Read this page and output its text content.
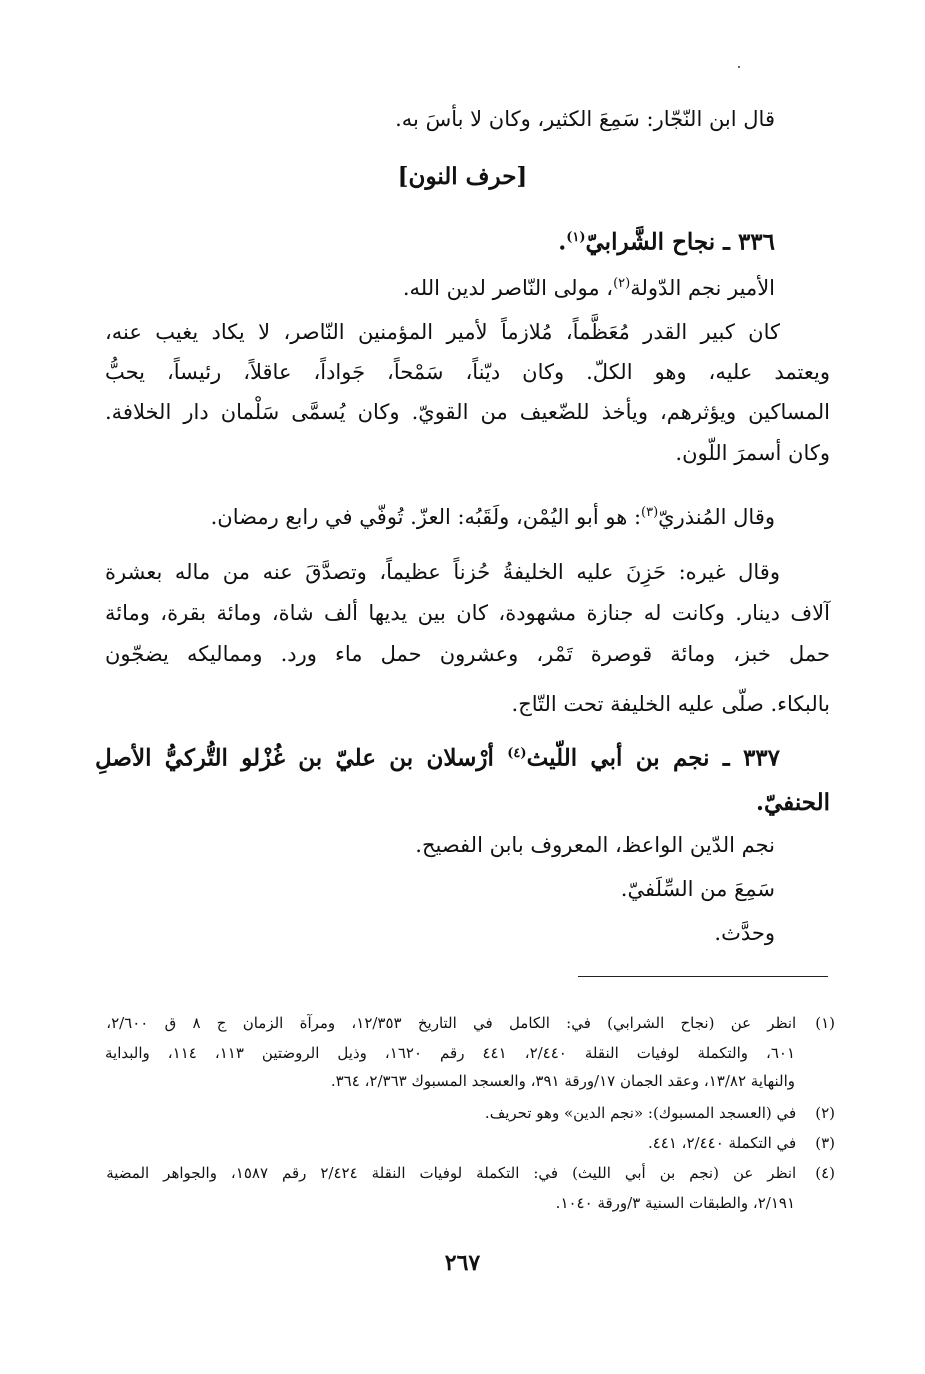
قال ابن النّجّار: سَمِعَ الكثير، وكان لا بأسَ به.
[حرف النون]
٣٣٦ ـ نجاح الشَّرابيّ$^{(١)}$.
الأمير نجم الدّولة$^{(٢)}$، مولى النّاصر لدين الله.
كان كبير القدر مُعَظَّماً، مُلازماً لأمير المؤمنين النّاصر، لا يكاد يغيب عنه،
ويعتمد عليه، وهو الكلّ. وكان ديّناً، سَمْحاً، جَواداً، عاقلاً، رئيساً، يحبُّ
المساكين ويؤثرهم، ويأخذ للضّعيف من القويّ. وكان يُسمَّى سَلْمان دار الخلافة.
وكان أسمرَ اللّون.
وقال المُنذريّ$^{(٣)}$: هو أبو اليُمْن، ولَقَبُه: العزّ. تُوفّي في رابع رمضان.
وقال غيره: حَزِنَ عليه الخليفةُ حُزناً عظيماً، وتصدَّقَ عنه من ماله بعشرة
آلاف دينار. وكانت له جنازة مشهودة، كان بين يديها ألف شاة، ومائة بقرة، ومائة
حمل خبز، ومائة قوصرة تَمْر، وعشرون حمل ماء ورد. ومماليكه يضجّون
بالبكاء. صلّى عليه الخليفة تحت التّاج.
٣٣٧ ـ نجم بن أبي اللّيث$^{(٤)}$ أرْسلان بن عليّ بن غُزْلو التُّركيُّ الأصلِ
الحنفيّ.
نجم الدّين الواعظ، المعروف بابن الفصيح.
سَمِعَ من السِّلَفيّ.
وحدَّث.
(١) انظر عن (نجاح الشرابي) في: الكامل في التاريخ ١٢/٣٥٣، ومرآة الزمان ج ٨ ق ٢/٦٠٠،
٦٠١، والتكملة لوفيات النقلة ٢/٤٤٠، ٤٤١ رقم ١٦٢٠، وذيل الروضتين ١١٣، ١١٤، والبداية
والنهاية ١٣/٨٢، وعقد الجمان ١٧/ورقة ٣٩١، والعسجد المسبوك ٢/٣٦٣، ٣٦٤.
(٢) في (العسجد المسبوك): «نجم الدين» وهو تحريف.
(٣) في التكملة ٢/٤٤٠، ٤٤١.
(٤) انظر عن (نجم بن أبي الليث) في: التكملة لوفيات النقلة ٢/٤٢٤ رقم ١٥٨٧، والجواهر المضية
٢/١٩١، والطبقات السنية ٣/ورقة ١٠٤٠.
٢٦٧
